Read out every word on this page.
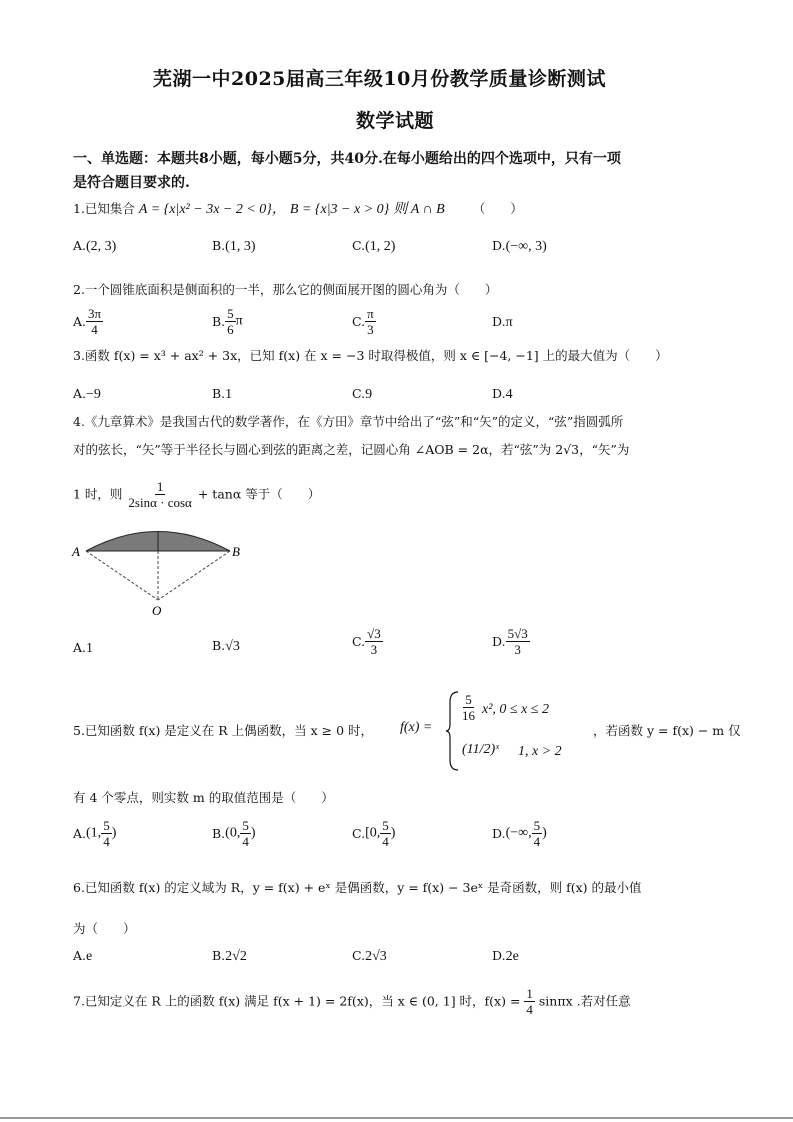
芜湖一中2025届高三年级10月份教学质量诊断测试
数学试题
一、单选题：本题共8小题，每小题5分，共40分.在每小题给出的四个选项中，只有一项
是符合题目要求的.
1.已知集合 A = {x|x² − 3x − 2 < 0}， B = {x|3 − x > 0} 则 A ∩ B （　　）
A.(2, 3)	B.(1, 3)	C.(1, 2)	D.(−∞, 3)
2.一个圆锥底面积是侧面积的一半，那么它的侧面展开图的圆心角为（　　）
A. $\frac{3\pi}{4}$	B. $\frac{5}{6}$ π	C. $\frac{\pi}{3}$	D.π
3.函数 f(x) = x³ + ax² + 3x，已知 f(x) 在 x = −3 时取得极值，则 x ∈ [−4, −1] 上的最大值为（　　）
A.−9	B.1	C.9	D.4
4.《九章算术》是我国古代的数学著作，在《方田》章节中给出了“弦”和“矢”的定义，“弦”指圆弧所
对的弦长，“矢”等于半径长与圆心到弦的距离之差，记圆心角 ∠AOB = 2α，若“弦”为 2√3，“矢”为
1 时，则 $\frac{1}{2\sin\alpha \cdot \cos\alpha} + \tan\alpha$ 等于（　　）
A	B
O
A.1	B.√3	C. $\frac{√3}{3}$	D. $\frac{5√3}{3}$
5.已知函数 f(x) 是定义在 R 上偶函数，当 x ≥ 0 时， f(x) =
$\frac{5}{16} x^2$, 0 ≤ x ≤ 2
(11/2)ˣ 1, x > 2
，若函数 y = f(x) − m 仅
有 4 个零点，则实数 m 的取值范围是（　　）
A.(1, $\frac{5}{4}$ )	B.(0, $\frac{5}{4}$ )	C.[0, $\frac{5}{4}$ )	D.(−∞, $\frac{5}{4}$ )
6.已知函数 f(x) 的定义域为 R，y = f(x) + eˣ 是偶函数，y = f(x) − 3eˣ 是奇函数，则 f(x) 的最小值
为（　　）
A.e	B.2√2	C.2√3	D.2e
7.已知定义在 R 上的函数 f(x) 满足 f(x + 1) = 2f(x)，当 x ∈ (0, 1] 时，$f(x) = \frac{1}{4}$ sinπx .若对任意
